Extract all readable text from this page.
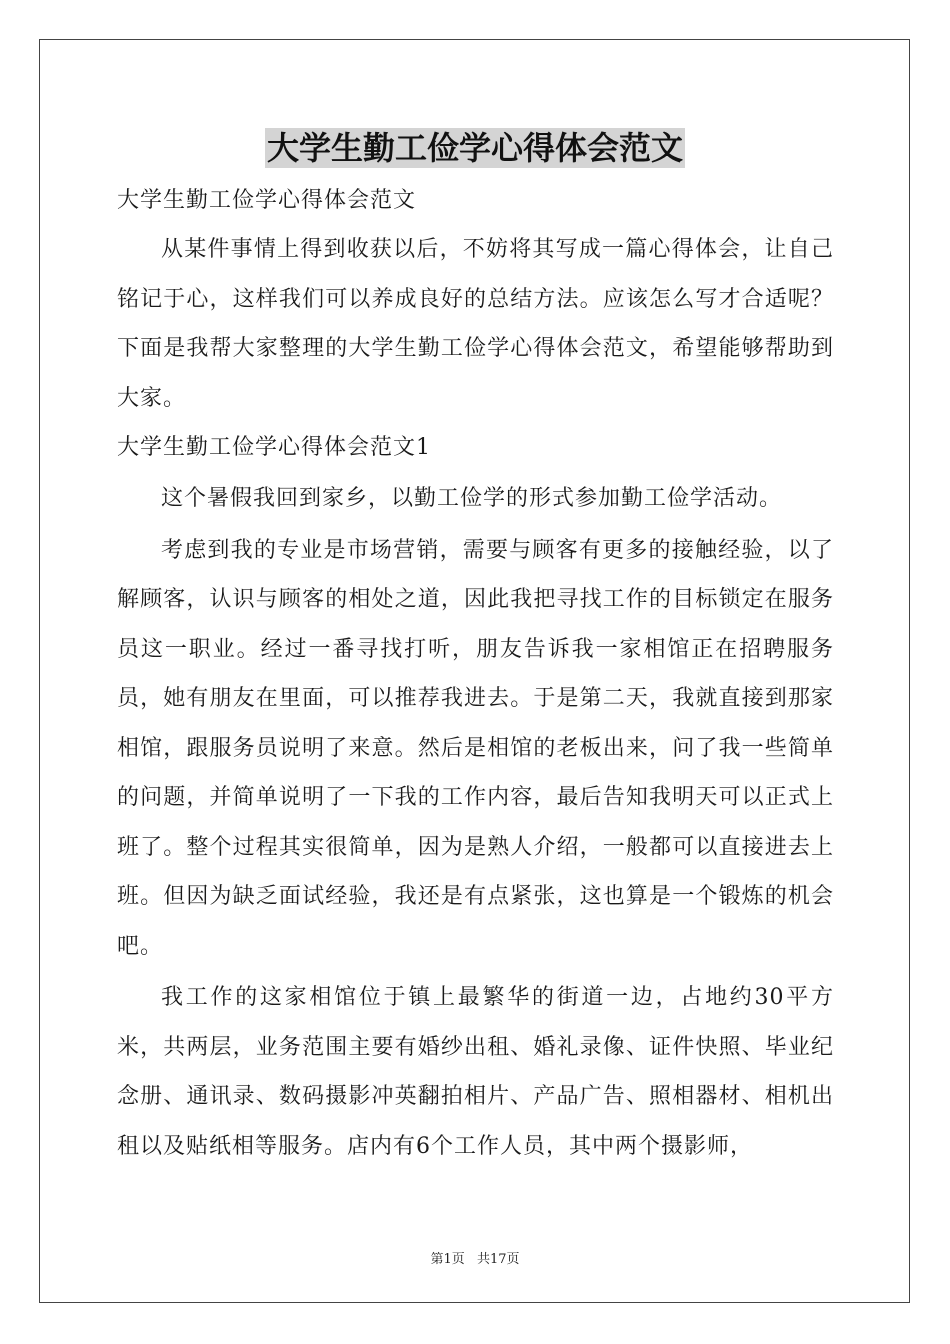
大学生勤工俭学心得体会范文
大学生勤工俭学心得体会范文

从某件事情上得到收获以后，不妨将其写成一篇心得体会，让自己铭记于心，这样我们可以养成良好的总结方法。应该怎么写才合适呢？下面是我帮大家整理的大学生勤工俭学心得体会范文，希望能够帮助到大家。

大学生勤工俭学心得体会范文1

这个暑假我回到家乡，以勤工俭学的形式参加勤工俭学活动。

考虑到我的专业是市场营销，需要与顾客有更多的接触经验，以了解顾客，认识与顾客的相处之道，因此我把寻找工作的目标锁定在服务员这一职业。经过一番寻找打听，朋友告诉我一家相馆正在招聘服务员，她有朋友在里面，可以推荐我进去。于是第二天，我就直接到那家相馆，跟服务员说明了来意。然后是相馆的老板出来，问了我一些简单的问题，并简单说明了一下我的工作内容，最后告知我明天可以正式上班了。整个过程其实很简单，因为是熟人介绍，一般都可以直接进去上班。但因为缺乏面试经验，我还是有点紧张，这也算是一个锻炼的机会吧。

我工作的这家相馆位于镇上最繁华的街道一边，占地约30平方米，共两层，业务范围主要有婚纱出租、婚礼录像、证件快照、毕业纪念册、通讯录、数码摄影冲英翻拍相片、产品广告、照相器材、相机出租以及贴纸相等服务。店内有6个工作人员，其中两个摄影师，

第1页 共17页
